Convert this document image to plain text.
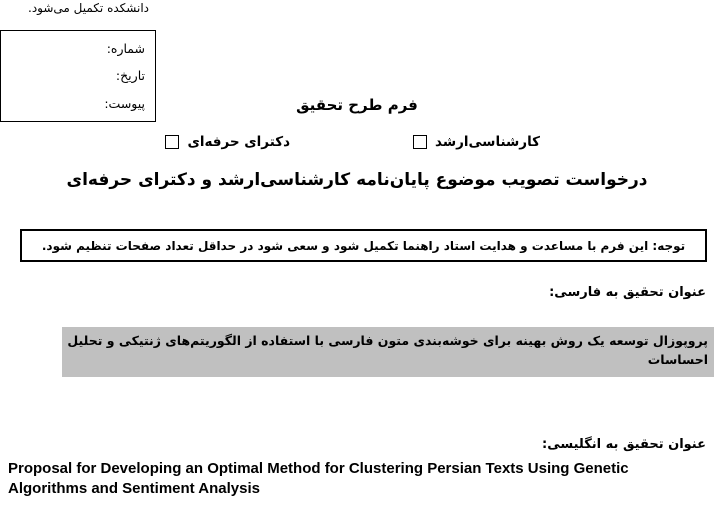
دانشکده تکمیل می‌شود.
شماره:
تاریخ:
پیوست:	فرم طرح تحقیق
کارشناسی‌ارشد
دکترای حرفه‌ای
درخواست تصویب موضوع پایان‌نامه کارشناسی‌ارشد و دکترای حرفه‌ای
توجه: این فرم با مساعدت و هدایت استاد راهنما تکمیل شود و سعی شود در حداقل تعداد صفحات تنظیم شود.
عنوان تحقیق به فارسی:
پروپوزال توسعه یک روش بهینه برای خوشه‌بندی متون فارسی با استفاده از الگوریتم‌های ژنتیکی و تحلیل احساسات
عنوان تحقیق به انگلیسی:
Proposal for Developing an Optimal Method for Clustering Persian Texts Using Genetic Algorithms and Sentiment Analysis
